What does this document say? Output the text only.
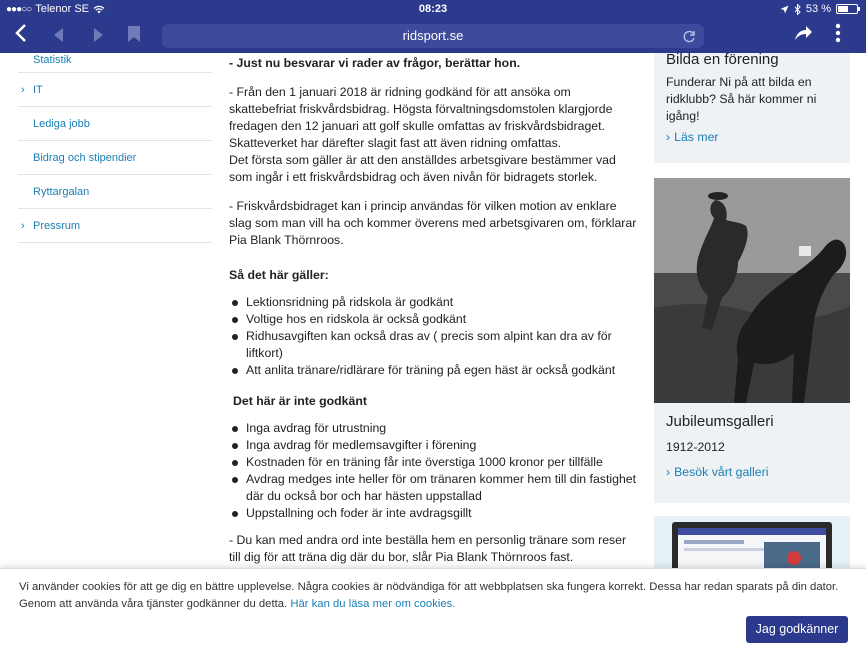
●●●○○ Telenor SE	08:23	53 %
ridsport.se
Statistik
› IT
Lediga jobb
Bidrag och stipendier
Ryttargalan
› Pressrum

- Just nu besvarar vi rader av frågor, berättar hon.

- Från den 1 januari 2018 är ridning godkänd för att ansöka om skattebefriat friskvårdsbidrag. Högsta förvaltningsdomstolen klargjorde fredagen den 12 januari att golf skulle omfattas av friskvårdsbidraget. Skatteverket har därefter slagit fast att även ridning omfattas.

Det första som gäller är att den anställdes arbetsgivare bestämmer vad som ingår i ett friskvårdsbidrag och även nivån för bidragets storlek.

- Friskvårdsbidraget kan i princip användas för vilken motion av enklare slag som man vill ha och kommer överens med arbetsgivaren om, förklarar Pia Blank Thörnroos.

Så det här gäller:
Lektionsridning på ridskola är godkänt
Voltige hos en ridskola är också godkänt
Ridhusavgiften kan också dras av ( precis som alpint kan dra av för liftkort)
Att anlita tränare/ridlärare för träning på egen häst är också godkänt
Det här är inte godkänt
Inga avdrag för utrustning
Inga avdrag för medlemsavgifter i förening
Kostnaden för en träning får inte överstiga 1000 kronor per tillfälle
Avdrag medges inte heller för om tränaren kommer hem till din fastighet där du också bor och har hästen uppstallad
Uppstallning och foder är inte avdragsgillt

- Du kan med andra ord inte beställa hem en personlig tränare som reser till dig för att träna dig där du bor, slår Pia Blank Thörnroos fast.

Bilda en förening

Funderar Ni på att bilda en ridklubb? Så här kommer ni igång!

› Läs mer
Jubileumsgalleri

1912-2012

› Besök vårt galleri
Vi använder cookies för att ge dig en bättre upplevelse. Några cookies är nödvändiga för att webbplatsen ska fungera korrekt. Dessa har redan sparats på din dator. Genom att använda våra tjänster godkänner du detta. Här kan du läsa mer om cookies.
Jag godkänner
